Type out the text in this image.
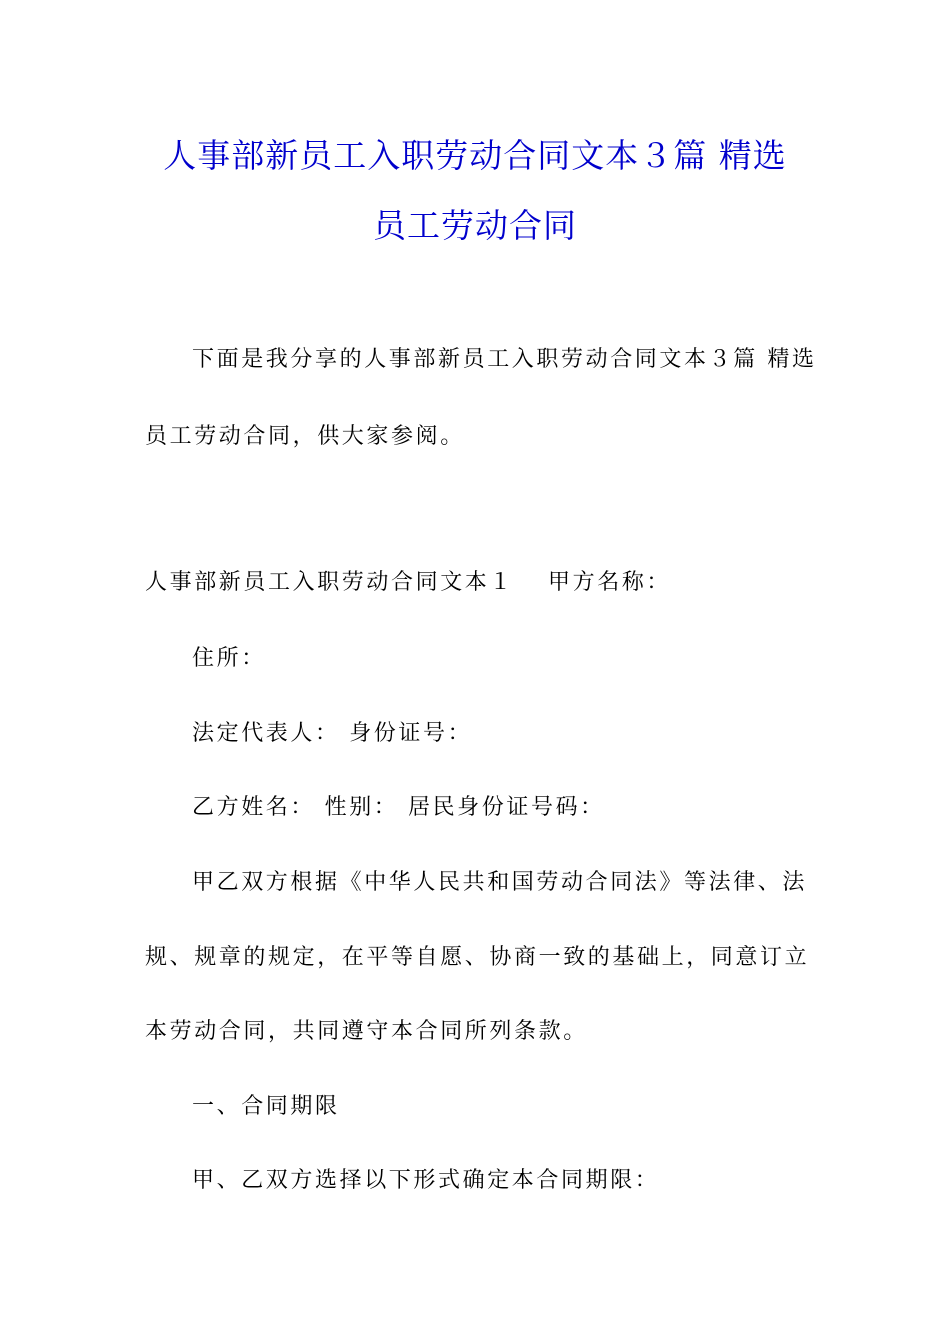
人事部新员工入职劳动合同文本３篇 精选
员工劳动合同
下面是我分享的人事部新员工入职劳动合同文本３篇 精选
员工劳动合同，供大家参阅。
人事部新员工入职劳动合同文本１ 甲方名称：
住所：
法定代表人： 身份证号：
乙方姓名： 性别： 居民身份证号码：
甲乙双方根据《中华人民共和国劳动合同法》等法律、法
规、规章的规定，在平等自愿、协商一致的基础上，同意订立
本劳动合同，共同遵守本合同所列条款。
一、合同期限
甲、乙双方选择以下形式确定本合同期限：
